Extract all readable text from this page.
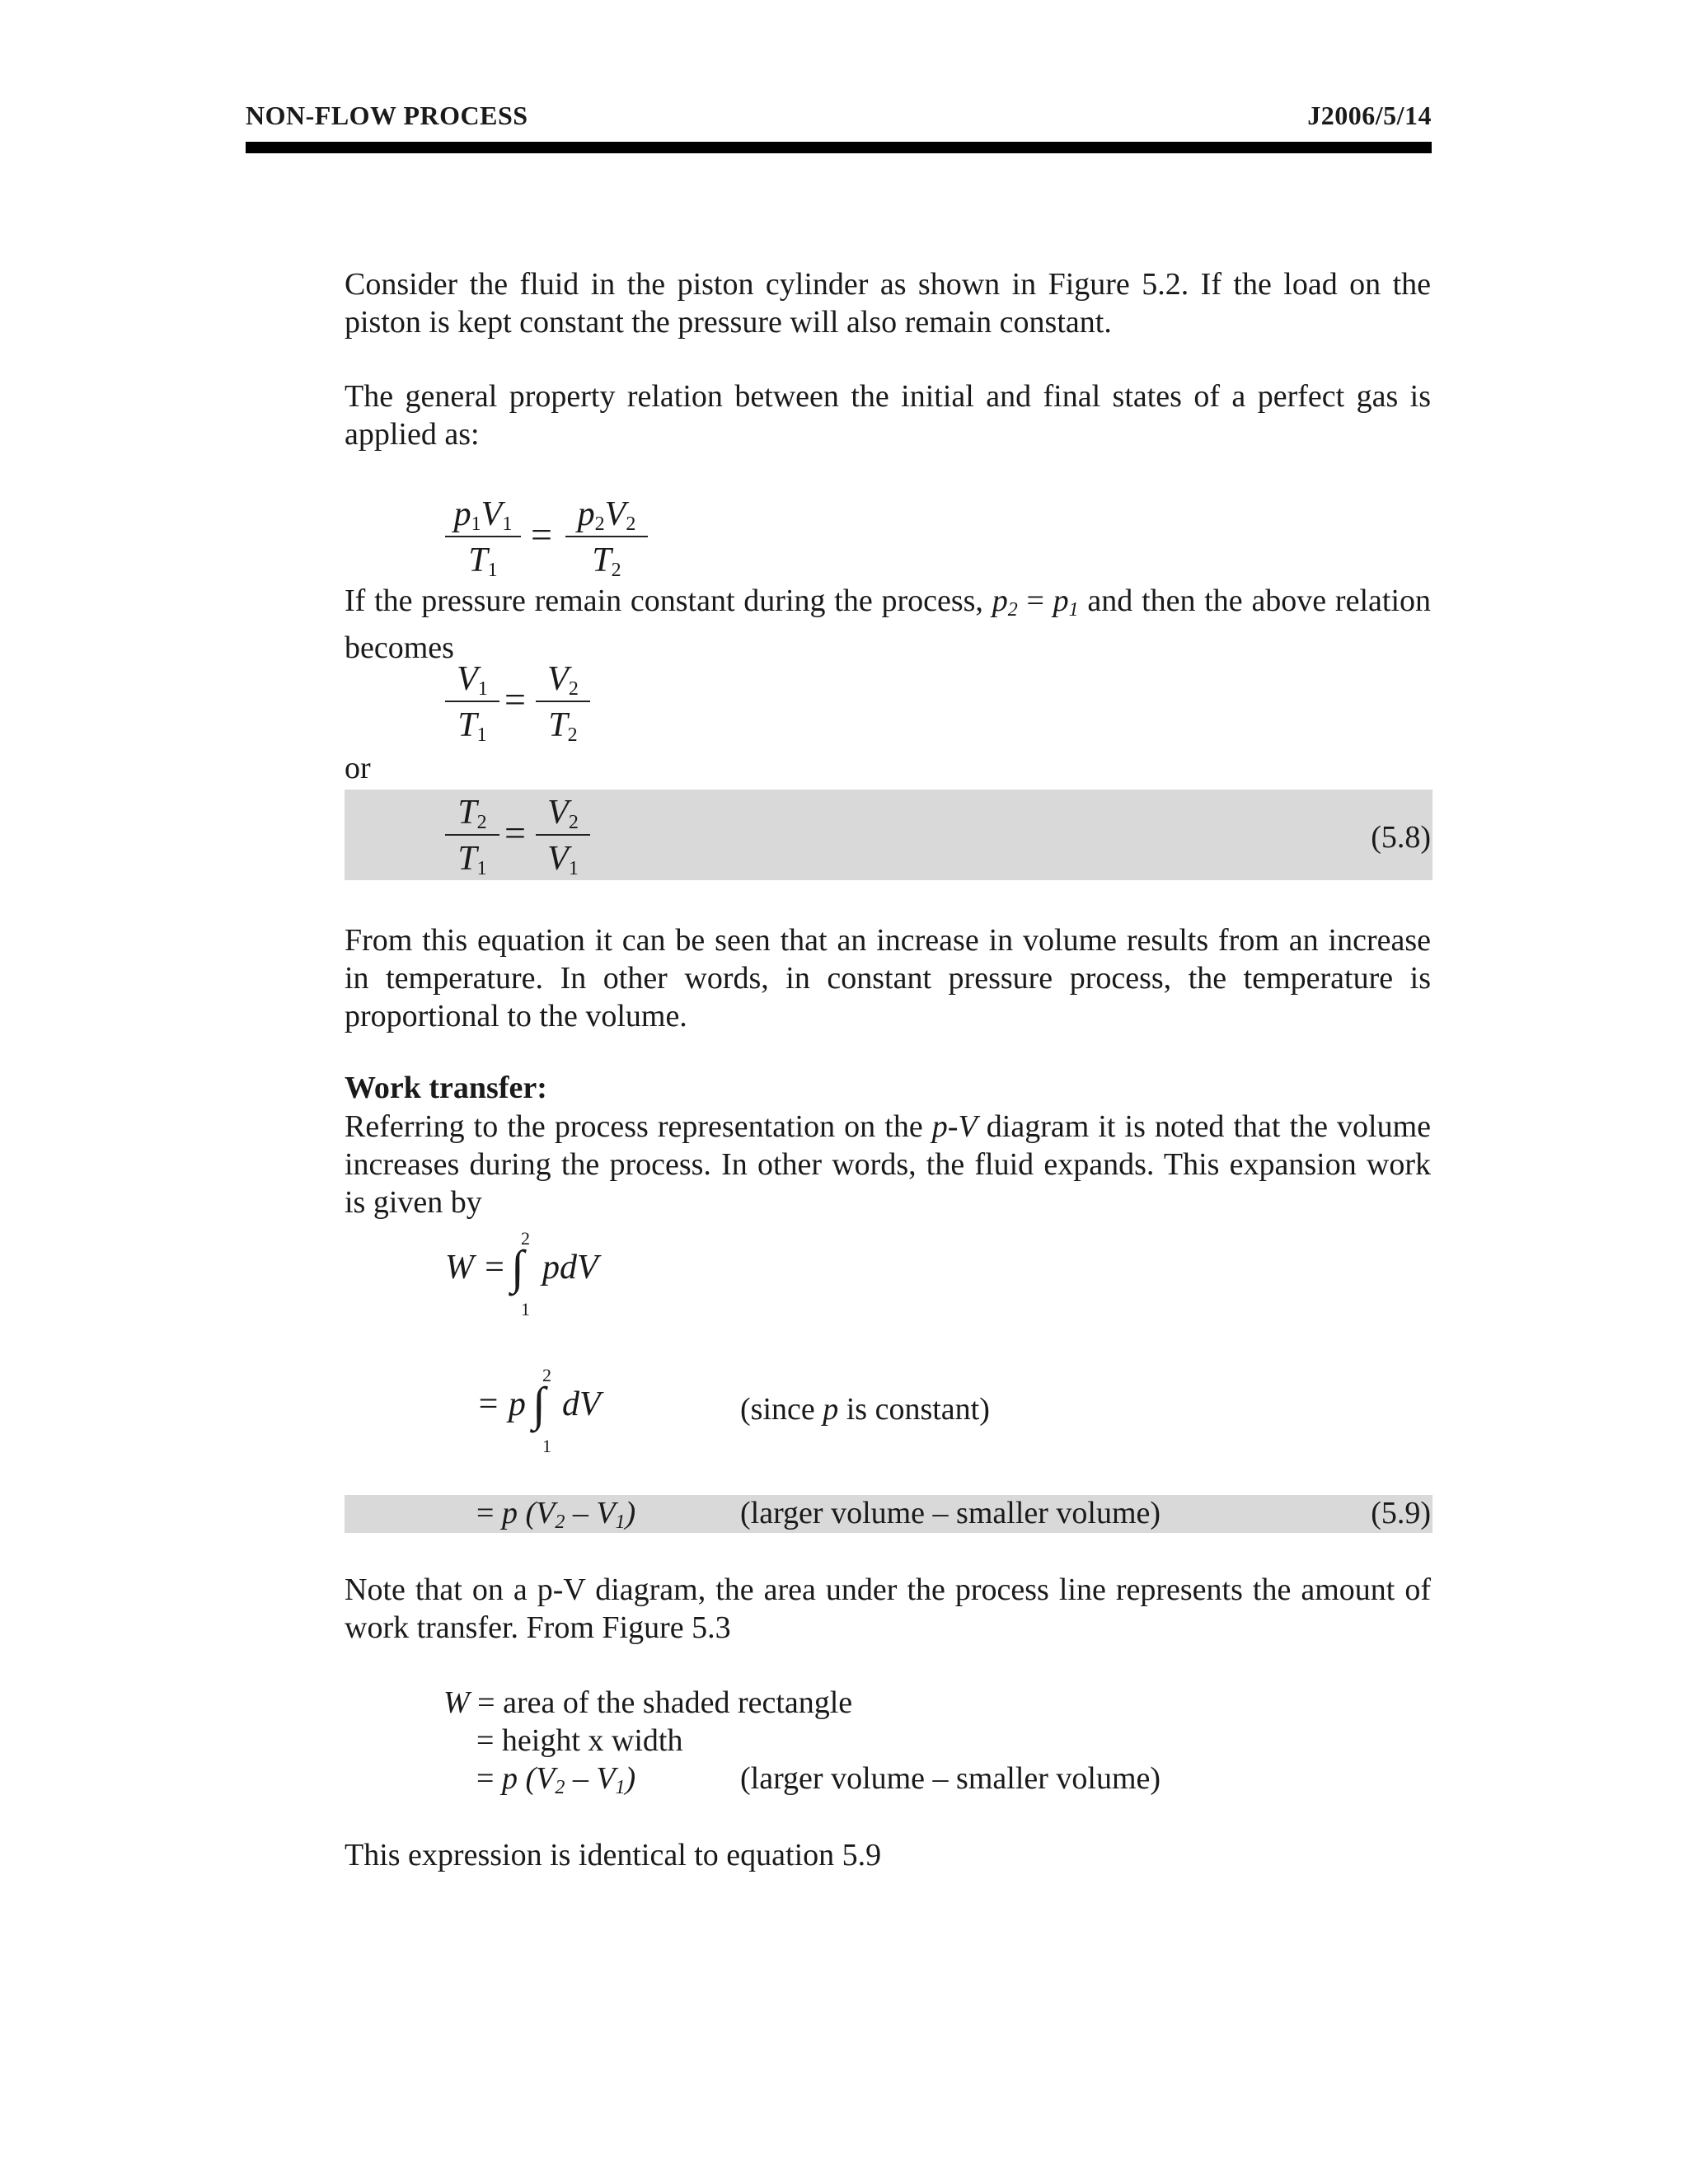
NON-FLOW PROCESS	J2006/5/14
Consider the fluid in the piston cylinder as shown in Figure 5.2. If the load on the piston is kept constant the pressure will also remain constant.
The general property relation between the initial and final states of a perfect gas is applied as:
$p_1V_1$
$T_1$
= $p_2V_2$
$T_2$
If the pressure remain constant during the process, $p_2 = p_1$ and then the above relation becomes
$V_1$
$T_1$
= $V_2$
$T_2$
or
$T_2$
$T_1$
= $V_2$
$V_1$
(5.8)
From this equation it can be seen that an increase in volume results from an increase in temperature. In other words, in constant pressure process, the temperature is proportional to the volume.
Work transfer:
Referring to the process representation on the p-V diagram it is noted that the volume increases during the process. In other words, the fluid expands. This expansion work is given by
W =
2
∫
1
pdV
= p
2
∫
1
dV	(since p is constant)
= p $(V_2 - V_1)$	(larger volume – smaller volume)	(5.9)
Note that on a p-V diagram, the area under the process line represents the amount of work transfer. From Figure 5.3
W = area of the shaded rectangle
= height x width
= p $(V_2 - V_1)$	(larger volume – smaller volume)
This expression is identical to equation 5.9
